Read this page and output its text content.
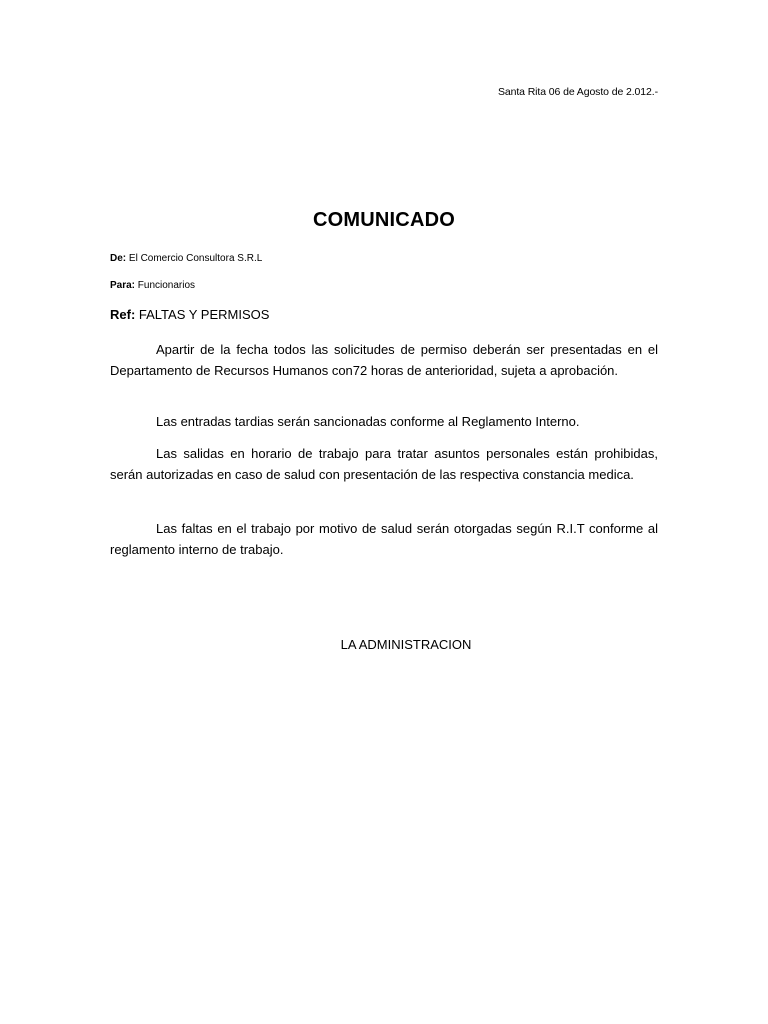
Santa Rita 06 de Agosto de 2.012.-
COMUNICADO
De: El Comercio Consultora S.R.L
Para: Funcionarios
Ref: FALTAS Y PERMISOS
Apartir de la fecha todos las solicitudes de permiso deberán ser presentadas en el Departamento de Recursos Humanos con72 horas de anterioridad, sujeta a aprobación.
Las entradas tardias serán sancionadas conforme al Reglamento Interno.
Las salidas en horario de trabajo para tratar asuntos personales están prohibidas, serán autorizadas en caso de salud con presentación de las respectiva constancia medica.
Las faltas en el trabajo por motivo de salud serán otorgadas según R.I.T conforme al reglamento interno de trabajo.
LA ADMINISTRACION
